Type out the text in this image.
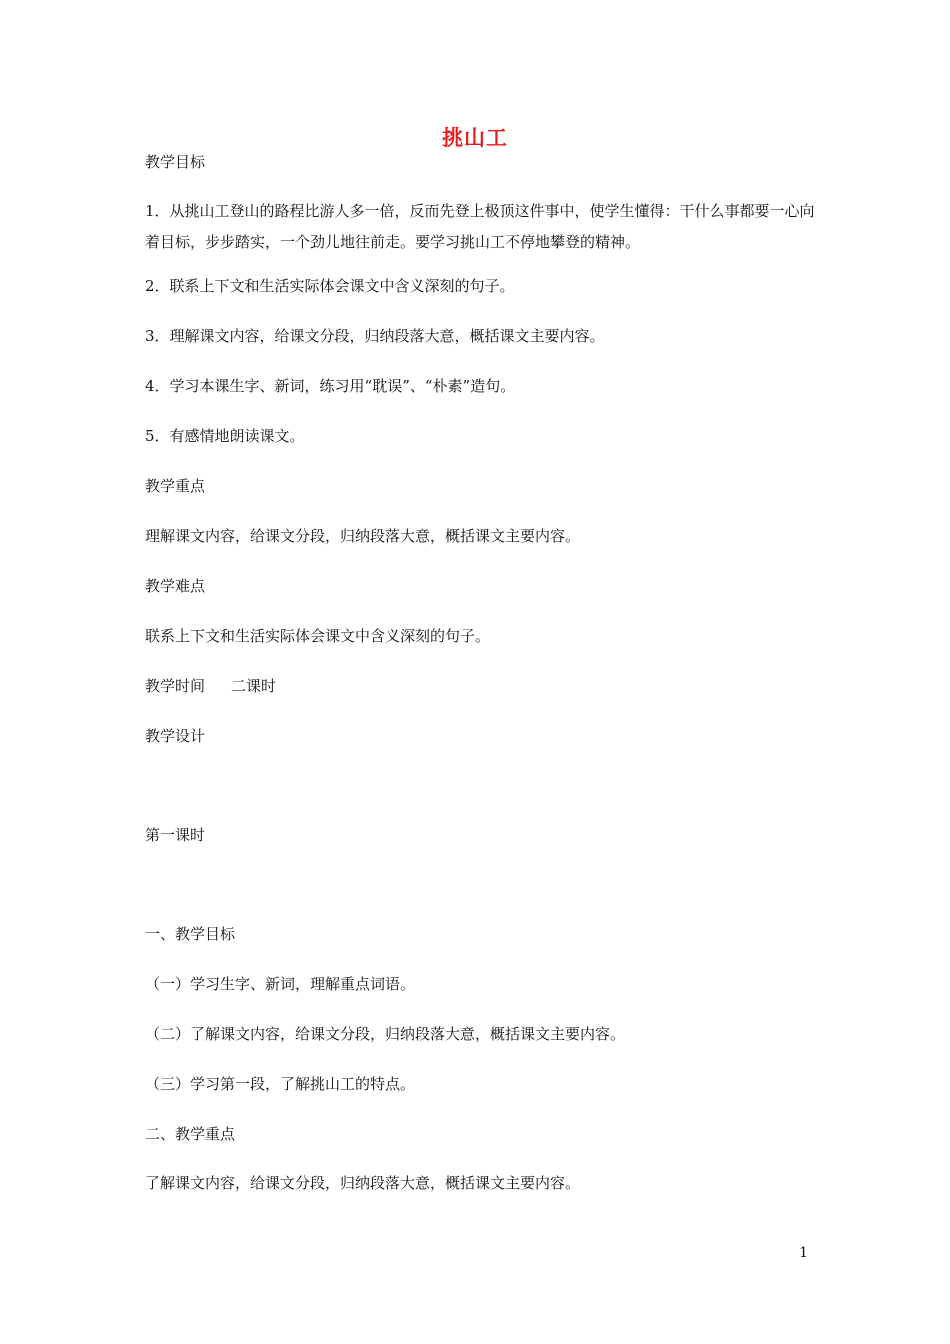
挑山工
教学目标
1．从挑山工登山的路程比游人多一倍，反而先登上极顶这件事中，使学生懂得：干什么事都要一心向着目标，步步踏实，一个劲儿地往前走。要学习挑山工不停地攀登的精神。
2．联系上下文和生活实际体会课文中含义深刻的句子。
3．理解课文内容，给课文分段，归纳段落大意，概括课文主要内容。
4．学习本课生字、新词，练习用“耽误”、“朴素”造句。
5．有感情地朗读课文。
教学重点
理解课文内容，给课文分段，归纳段落大意，概括课文主要内容。
教学难点
联系上下文和生活实际体会课文中含义深刻的句子。
教学时间 二课时
教学设计
第一课时
一、教学目标
（一）学习生字、新词，理解重点词语。
（二）了解课文内容，给课文分段，归纳段落大意，概括课文主要内容。
（三）学习第一段，了解挑山工的特点。
二、教学重点
了解课文内容，给课文分段，归纳段落大意，概括课文主要内容。
1
